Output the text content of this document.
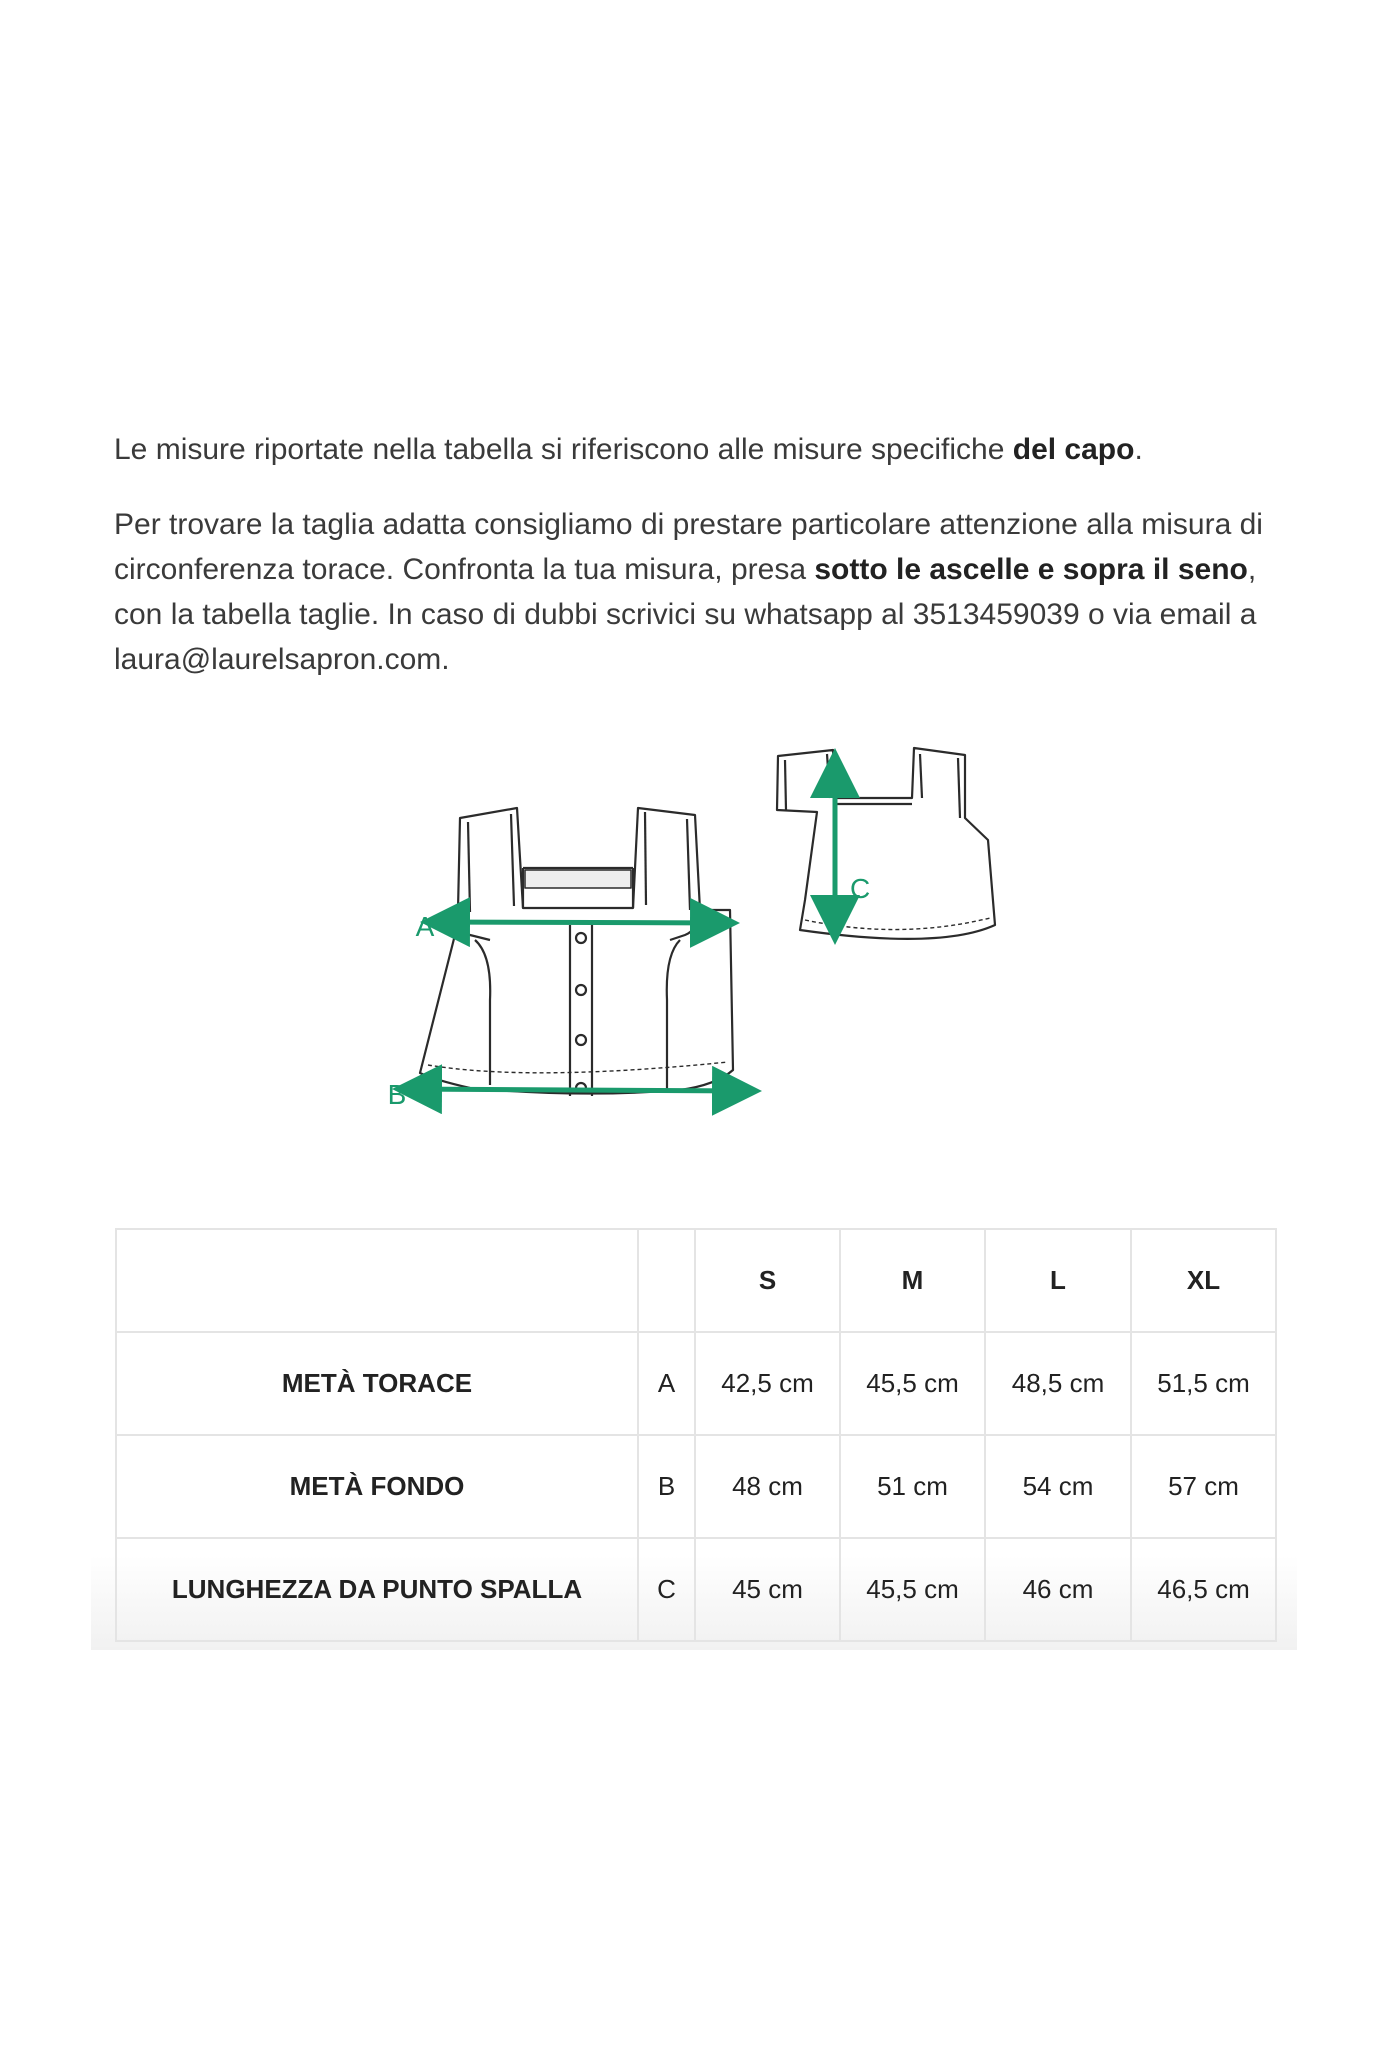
Le misure riportate nella tabella si riferiscono alle misure specifiche del capo.

Per trovare la taglia adatta consigliamo di prestare particolare attenzione alla misura di circonferenza torace. Confronta la tua misura, presa sotto le ascelle e sopra il seno, con la tabella taglie. In caso di dubbi scrivici su whatsapp al 3513459039 o via email a laura@laurelsapron.com.

A
B
C
		S	M	L	XL
METÀ TORACE	A	42,5 cm	45,5 cm	48,5 cm	51,5 cm
METÀ FONDO	B	48 cm	51 cm	54 cm	57 cm
LUNGHEZZA DA PUNTO SPALLA	C	45 cm	45,5 cm	46 cm	46,5 cm
